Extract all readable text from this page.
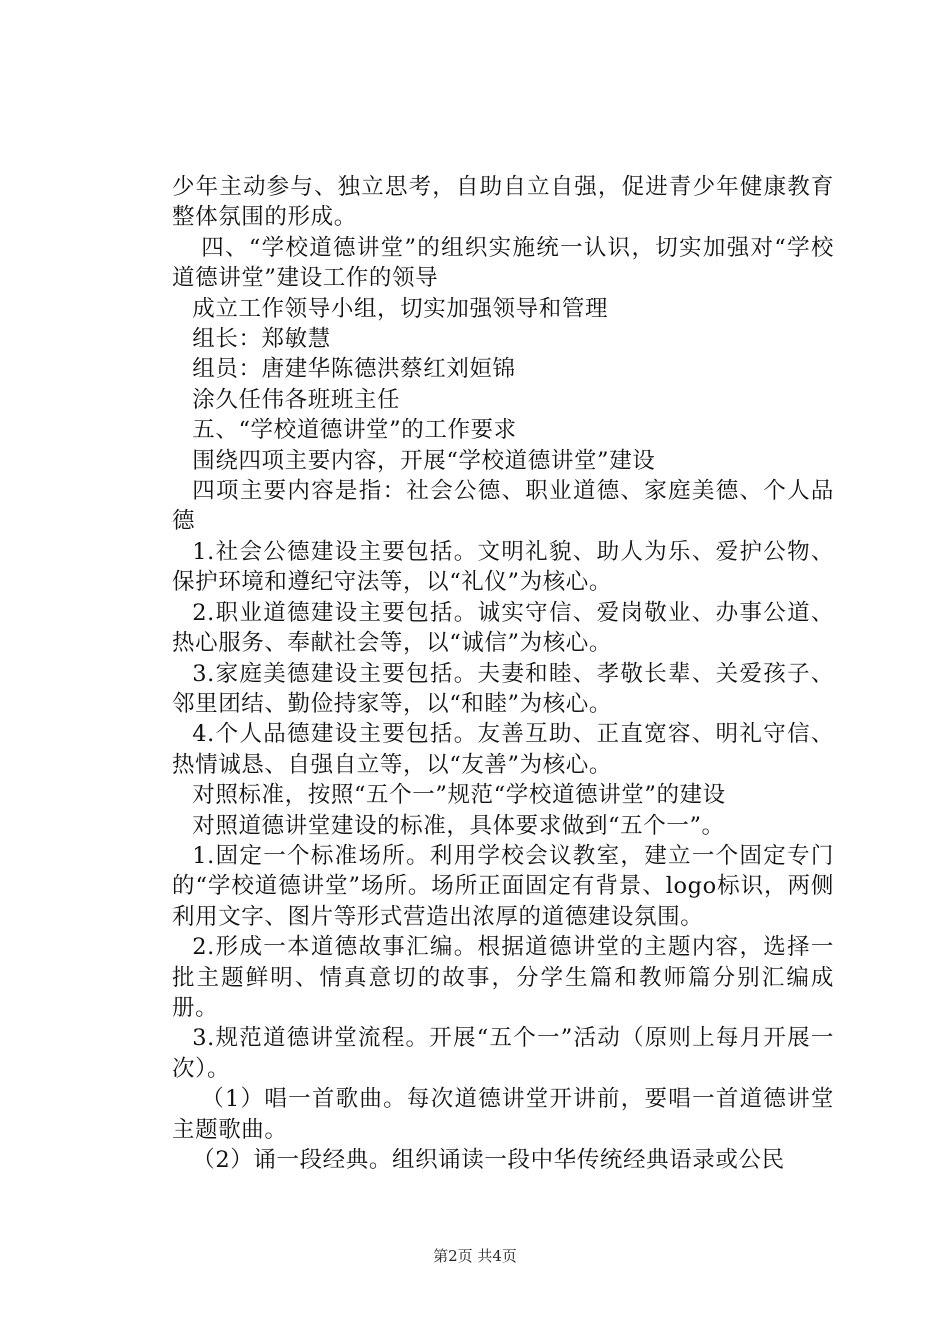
少年主动参与、独立思考，自助自立自强，促进青少年健康教育整体氛围的形成。

四、“学校道德讲堂”的组织实施统一认识，切实加强对“学校道德讲堂”建设工作的领导

成立工作领导小组，切实加强领导和管理

组长：郑敏慧

组员：唐建华陈德洪蔡红刘姮锦

涂久任伟各班班主任

五、“学校道德讲堂”的工作要求

围绕四项主要内容，开展“学校道德讲堂”建设

四项主要内容是指：社会公德、职业道德、家庭美德、个人品德

1.社会公德建设主要包括。文明礼貌、助人为乐、爱护公物、保护环境和遵纪守法等，以“礼仪”为核心。

2.职业道德建设主要包括。诚实守信、爱岗敬业、办事公道、热心服务、奉献社会等，以“诚信”为核心。

3.家庭美德建设主要包括。夫妻和睦、孝敬长辈、关爱孩子、邻里团结、勤俭持家等，以“和睦”为核心。

4.个人品德建设主要包括。友善互助、正直宽容、明礼守信、热情诚恳、自强自立等，以“友善”为核心。

对照标准，按照“五个一”规范“学校道德讲堂”的建设

对照道德讲堂建设的标准，具体要求做到“五个一”。

1.固定一个标准场所。利用学校会议教室，建立一个固定专门的“学校道德讲堂”场所。场所正面固定有背景、logo标识，两侧利用文字、图片等形式营造出浓厚的道德建设氛围。

2.形成一本道德故事汇编。根据道德讲堂的主题内容，选择一批主题鲜明、情真意切的故事，分学生篇和教师篇分别汇编成册。

3.规范道德讲堂流程。开展“五个一”活动（原则上每月开展一次）。

（1）唱一首歌曲。每次道德讲堂开讲前，要唱一首道德讲堂主题歌曲。

（2）诵一段经典。组织诵读一段中华传统经典语录或公民

第2页 共4页
